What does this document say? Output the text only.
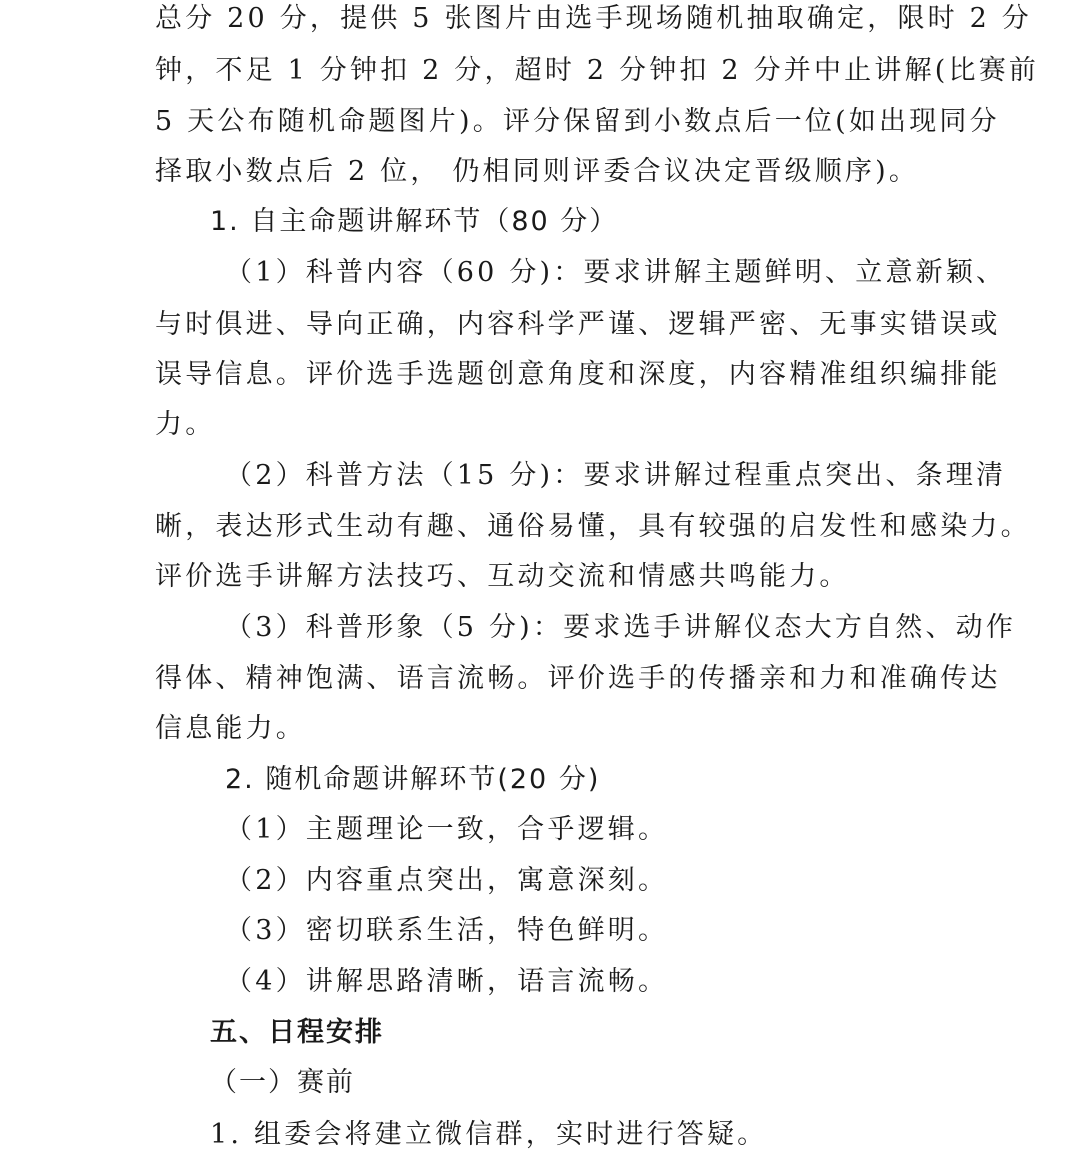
总分 20 分，提供 5 张图片由选手现场随机抽取确定，限时 2 分
钟，不足 1 分钟扣 2 分，超时 2 分钟扣 2 分并中止讲解(比赛前
5 天公布随机命题图片)。评分保留到小数点后一位(如出现同分
择取小数点后 2 位， 仍相同则评委合议决定晋级顺序)。
1. 自主命题讲解环节（80 分）
（1）科普内容（60 分)：要求讲解主题鲜明、立意新颖、
与时俱进、导向正确，内容科学严谨、逻辑严密、无事实错误或
误导信息。评价选手选题创意角度和深度，内容精准组织编排能
力。
（2）科普方法（15 分)：要求讲解过程重点突出、条理清
晰，表达形式生动有趣、通俗易懂，具有较强的启发性和感染力。
评价选手讲解方法技巧、互动交流和情感共鸣能力。
（3）科普形象（5 分)：要求选手讲解仪态大方自然、动作
得体、精神饱满、语言流畅。评价选手的传播亲和力和准确传达
信息能力。
2. 随机命题讲解环节(20 分)
（1）主题理论一致，合乎逻辑。
（2）内容重点突出，寓意深刻。
（3）密切联系生活，特色鲜明。
（4）讲解思路清晰，语言流畅。
五、日程安排
（一）赛前
1. 组委会将建立微信群，实时进行答疑。
